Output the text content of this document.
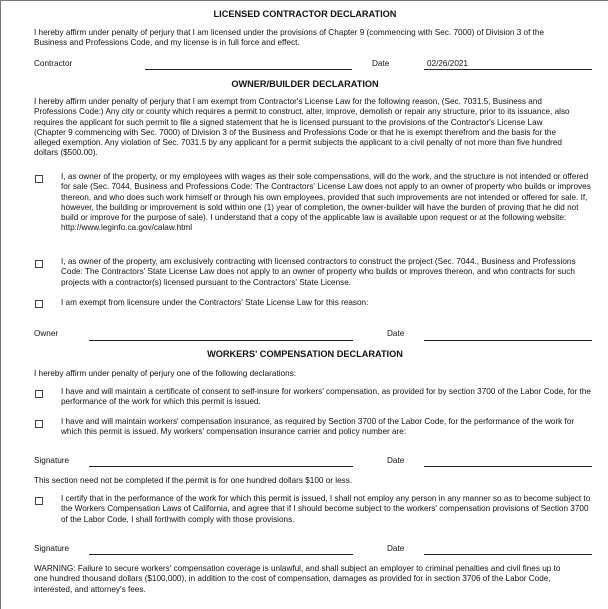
LICENSED CONTRACTOR DECLARATION
I hereby affirm under penalty of perjury that I am licensed under the provisions of Chapter 9 (commencing with Sec. 7000) of Division 3 of the Business and Professions Code, and my license is in full force and effect.
Contractor	Date	02/26/2021
OWNER/BUILDER DECLARATION
I hereby affirm under penalty of perjury that I am exempt from Contractor's License Law for the following reason, (Sec. 7031.5, Business and Professions Code:) Any city or county which requires a permit to construct, alter, improve, demolish or repair any structure, prior to its issuance, also requires the applicant for such permit to file a signed statement that he is licensed pursuant to the provisions of the Contractor's License Law (Chapter 9 commencing with Sec. 7000) of Division 3 of the Business and Professions Code or that he is exempt therefrom and the basis for the alleged exemption. Any violation of Sec. 7031.5 by any applicant for a permit subjects the applicant to a civil penalty of not more than five hundred dollars ($500.00).
I, as owner of the property, or my employees with wages as their sole compensations, will do the work, and the structure is not intended or offered for sale (Sec. 7044, Business and Professions Code: The Contractors' License Law does not apply to an owner of property who builds or improves thereon, and who does such work himself or through his own employees, provided that such improvements are not intended or offered for sale. If, however, the building or improvement is sold within one (1) year of completion, the owner-builder will have the burden of proving that he did not build or improve for the purpose of sale). I understand that a copy of the applicable law is available upon request or at the following website: http://www.leginfo.ca.gov/calaw.html
I, as owner of the property, am exclusively contracting with licensed contractors to construct the project (Sec. 7044., Business and Professions Code: The Contractors' State License Law does not apply to an owner of property who builds or improves thereon, and who contracts for such projects with a contractor(s) licensed pursuant to the Contractors' State License.
I am exempt from licensure under the Contractors' State License Law for this reason:
Owner	Date
WORKERS' COMPENSATION DECLARATION
I hereby affirm under penalty of perjury one of the following declarations:
I have and will maintain a certificate of consent to self-insure for workers' compensation, as provided for by section 3700 of the Labor Code, for the performance of the work for which this permit is issued.
I have and will maintain workers' compensation insurance, as required by Section 3700 of the Labor Code, for the performance of the work for which this permit is issued. My workers' compensation insurance carrier and policy number are:
Signature	Date
This section need not be completed if the permit is for one hundred dollars $100 or less.
I certify that in the performance of the work for which this permit is issued, I shall not employ any person in any manner so as to become subject to the Workers Compensation Laws of California, and agree that if I should become subject to the workers' compensation provisions of Section 3700 of the Labor Code, I shall forthwith comply with those provisions.
Signature	Date
WARNING: Failure to secure workers' compensation coverage is unlawful, and shall subject an employer to criminal penalties and civil fines up to one hundred thousand dollars ($100,000), in addition to the cost of compensation, damages as provided for in section 3706 of the Labor Code, interested, and attorney's fees.
